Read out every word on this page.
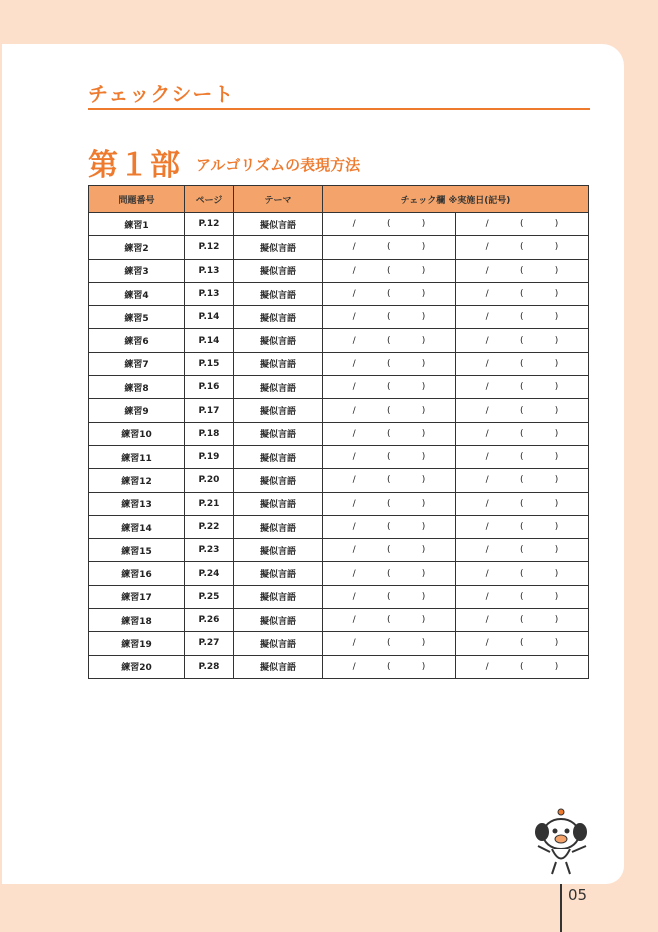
チェックシート
第１部 アルゴリズムの表現方法
問題番号	ページ	テーマ	チェック欄 ※実施日(記号)	
練習1	P.12	擬似言語	/ ( )	/ ( )

練習2	P.12	擬似言語	/ ( )	/ ( )

練習3	P.13	擬似言語	/ ( )	/ ( )

練習4	P.13	擬似言語	/ ( )	/ ( )

練習5	P.14	擬似言語	/ ( )	/ ( )

練習6	P.14	擬似言語	/ ( )	/ ( )

練習7	P.15	擬似言語	/ ( )	/ ( )

練習8	P.16	擬似言語	/ ( )	/ ( )

練習9	P.17	擬似言語	/ ( )	/ ( )

練習10	P.18	擬似言語	/ ( )	/ ( )

練習11	P.19	擬似言語	/ ( )	/ ( )

練習12	P.20	擬似言語	/ ( )	/ ( )

練習13	P.21	擬似言語	/ ( )	/ ( )

練習14	P.22	擬似言語	/ ( )	/ ( )

練習15	P.23	擬似言語	/ ( )	/ ( )

練習16	P.24	擬似言語	/ ( )	/ ( )

練習17	P.25	擬似言語	/ ( )	/ ( )

練習18	P.26	擬似言語	/ ( )	/ ( )

練習19	P.27	擬似言語	/ ( )	/ ( )

練習20	P.28	擬似言語	/ ( )	/ ( )
05
